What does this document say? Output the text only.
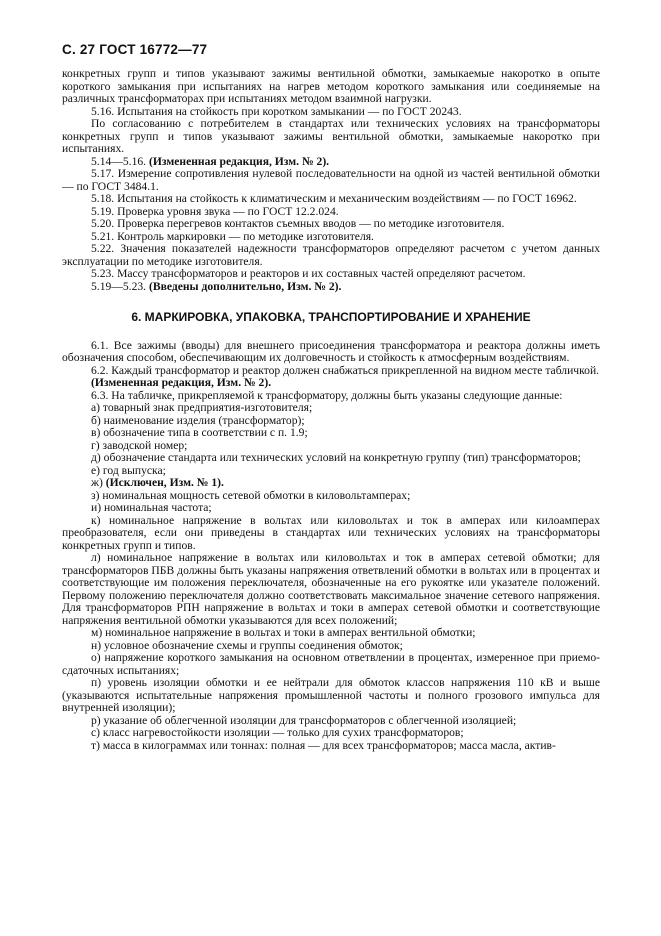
С. 27 ГОСТ 16772—77

конкретных групп и типов указывают зажимы вентильной обмотки, замыкаемые накоротко в опыте короткого замыкания при испытаниях на нагрев методом короткого замыкания или соединяемые на различных трансформаторах при испытаниях методом взаимной нагрузки.

5.16. Испытания на стойкость при коротком замыкании — по ГОСТ 20243.

По согласованию с потребителем в стандартах или технических условиях на трансформаторы конкретных групп и типов указывают зажимы вентильной обмотки, замыкаемые накоротко при испытаниях.

5.14—5.16. (Измененная редакция, Изм. № 2).

5.17. Измерение сопротивления нулевой последовательности на одной из частей вентильной обмотки — по ГОСТ 3484.1.

5.18. Испытания на стойкость к климатическим и механическим воздействиям — по ГОСТ 16962.

5.19. Проверка уровня звука — по ГОСТ 12.2.024.

5.20. Проверка перегревов контактов съемных вводов — по методике изготовителя.

5.21. Контроль маркировки — по методике изготовителя.

5.22. Значения показателей надежности трансформаторов определяют расчетом с учетом данных эксплуатации по методике изготовителя.

5.23. Массу трансформаторов и реакторов и их составных частей определяют расчетом.

5.19—5.23. (Введены дополнительно, Изм. № 2).

6. МАРКИРОВКА, УПАКОВКА, ТРАНСПОРТИРОВАНИЕ И ХРАНЕНИЕ

6.1. Все зажимы (вводы) для внешнего присоединения трансформатора и реактора должны иметь обозначения способом, обеспечивающим их долговечность и стойкость к атмосферным воздействиям.

6.2. Каждый трансформатор и реактор должен снабжаться прикрепленной на видном месте табличкой.

(Измененная редакция, Изм. № 2).

6.3. На табличке, прикрепляемой к трансформатору, должны быть указаны следующие данные:

а) товарный знак предприятия-изготовителя;

б) наименование изделия (трансформатор);

в) обозначение типа в соответствии с п. 1.9;

г) заводской номер;

д) обозначение стандарта или технических условий на конкретную группу (тип) трансформаторов;

е) год выпуска;

ж) (Исключен, Изм. № 1).

з) номинальная мощность сетевой обмотки в киловольтамперах;

и) номинальная частота;

к) номинальное напряжение в вольтах или киловольтах и ток в амперах или килоамперах преобразователя, если они приведены в стандартах или технических условиях на трансформаторы конкретных групп и типов.

л) номинальное напряжение в вольтах или киловольтах и ток в амперах сетевой обмотки; для трансформаторов ПБВ должны быть указаны напряжения ответвлений обмотки в вольтах или в процентах и соответствующие им положения переключателя, обозначенные на его рукоятке или указателе положений. Первому положению переключателя должно соответствовать максимальное значение сетевого напряжения. Для трансформаторов РПН напряжение в вольтах и токи в амперах сетевой обмотки и соответствующие напряжения вентильной обмотки указываются для всех положений;

м) номинальное напряжение в вольтах и токи в амперах вентильной обмотки;

н) условное обозначение схемы и группы соединения обмоток;

о) напряжение короткого замыкания на основном ответвлении в процентах, измеренное при приемо-сдаточных испытаниях;

п) уровень изоляции обмотки и ее нейтрали для обмоток классов напряжения 110 кВ и выше (указываются испытательные напряжения промышленной частоты и полного грозового импульса для внутренней изоляции);

р) указание об облегченной изоляции для трансформаторов с облегченной изоляцией;

с) класс нагревостойкости изоляции — только для сухих трансформаторов;

т) масса в килограммах или тоннах: полная — для всех трансформаторов; масса масла, актив-
